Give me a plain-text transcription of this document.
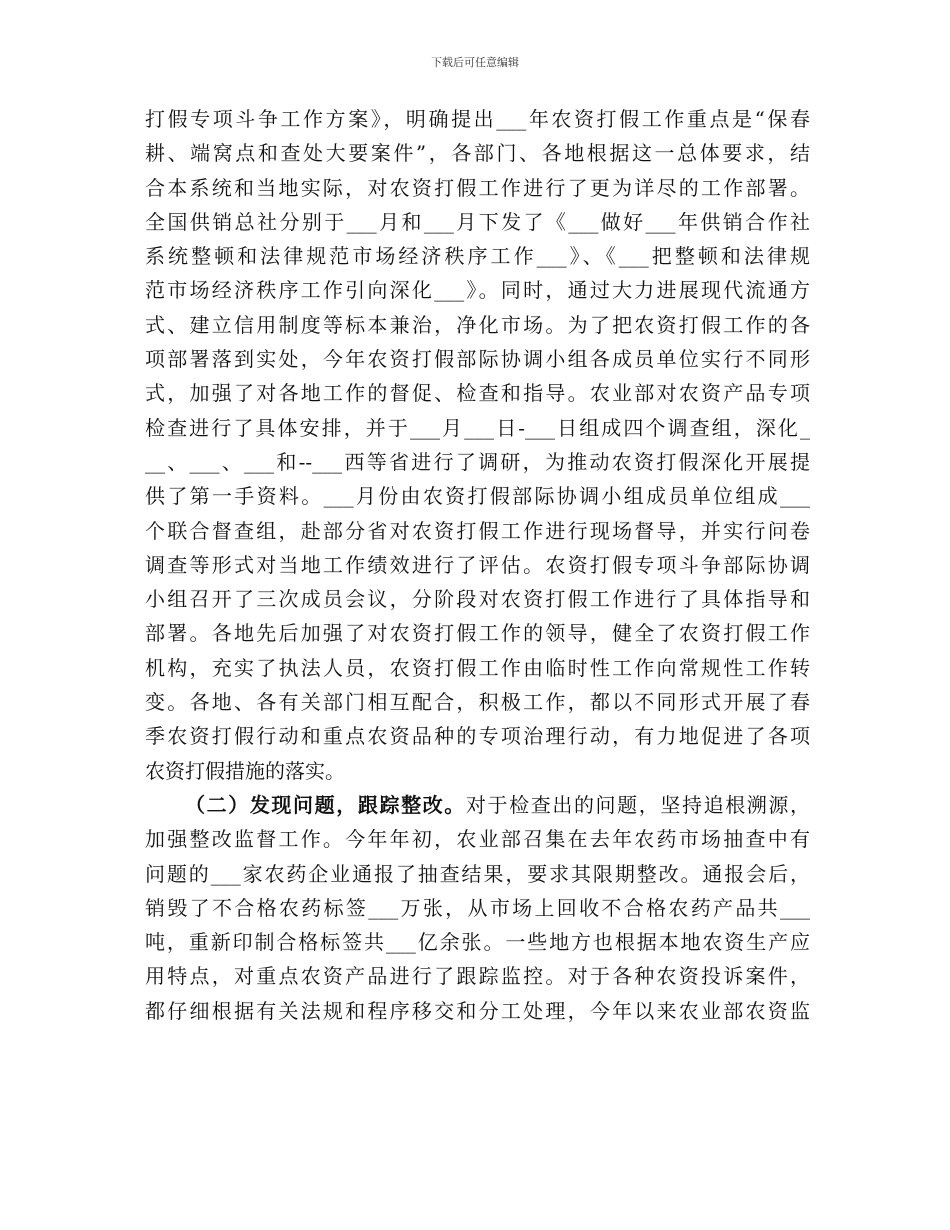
下载后可任意编辑
打假专项斗争工作方案》，明确提出___年农资打假工作重点是“保春
耕、端窝点和查处大要案件”，各部门、各地根据这一总体要求，结
合本系统和当地实际，对农资打假工作进行了更为详尽的工作部署。
全国供销总社分别于___月和___月下发了《___做好___年供销合作社
系统整顿和法律规范市场经济秩序工作___》、《___把整顿和法律规
范市场经济秩序工作引向深化___》。同时，通过大力进展现代流通方
式、建立信用制度等标本兼治，净化市场。为了把农资打假工作的各
项部署落到实处，今年农资打假部际协调小组各成员单位实行不同形
式，加强了对各地工作的督促、检查和指导。农业部对农资产品专项
检查进行了具体安排，并于___月___日-___日组成四个调查组，深化_
__、___、___和--___西等省进行了调研，为推动农资打假深化开展提
供了第一手资料。___月份由农资打假部际协调小组成员单位组成___
个联合督查组，赴部分省对农资打假工作进行现场督导，并实行问卷
调查等形式对当地工作绩效进行了评估。农资打假专项斗争部际协调
小组召开了三次成员会议，分阶段对农资打假工作进行了具体指导和
部署。各地先后加强了对农资打假工作的领导，健全了农资打假工作
机构，充实了执法人员，农资打假工作由临时性工作向常规性工作转
变。各地、各有关部门相互配合，积极工作，都以不同形式开展了春
季农资打假行动和重点农资品种的专项治理行动，有力地促进了各项
农资打假措施的落实。
（二）发现问题，跟踪整改。对于检查出的问题，坚持追根溯源，
加强整改监督工作。今年年初，农业部召集在去年农药市场抽查中有
问题的___家农药企业通报了抽查结果，要求其限期整改。通报会后，
销毁了不合格农药标签___万张，从市场上回收不合格农药产品共___
吨，重新印制合格标签共___亿余张。一些地方也根据本地农资生产应
用特点，对重点农资产品进行了跟踪监控。对于各种农资投诉案件，
都仔细根据有关法规和程序移交和分工处理，今年以来农业部农资监
